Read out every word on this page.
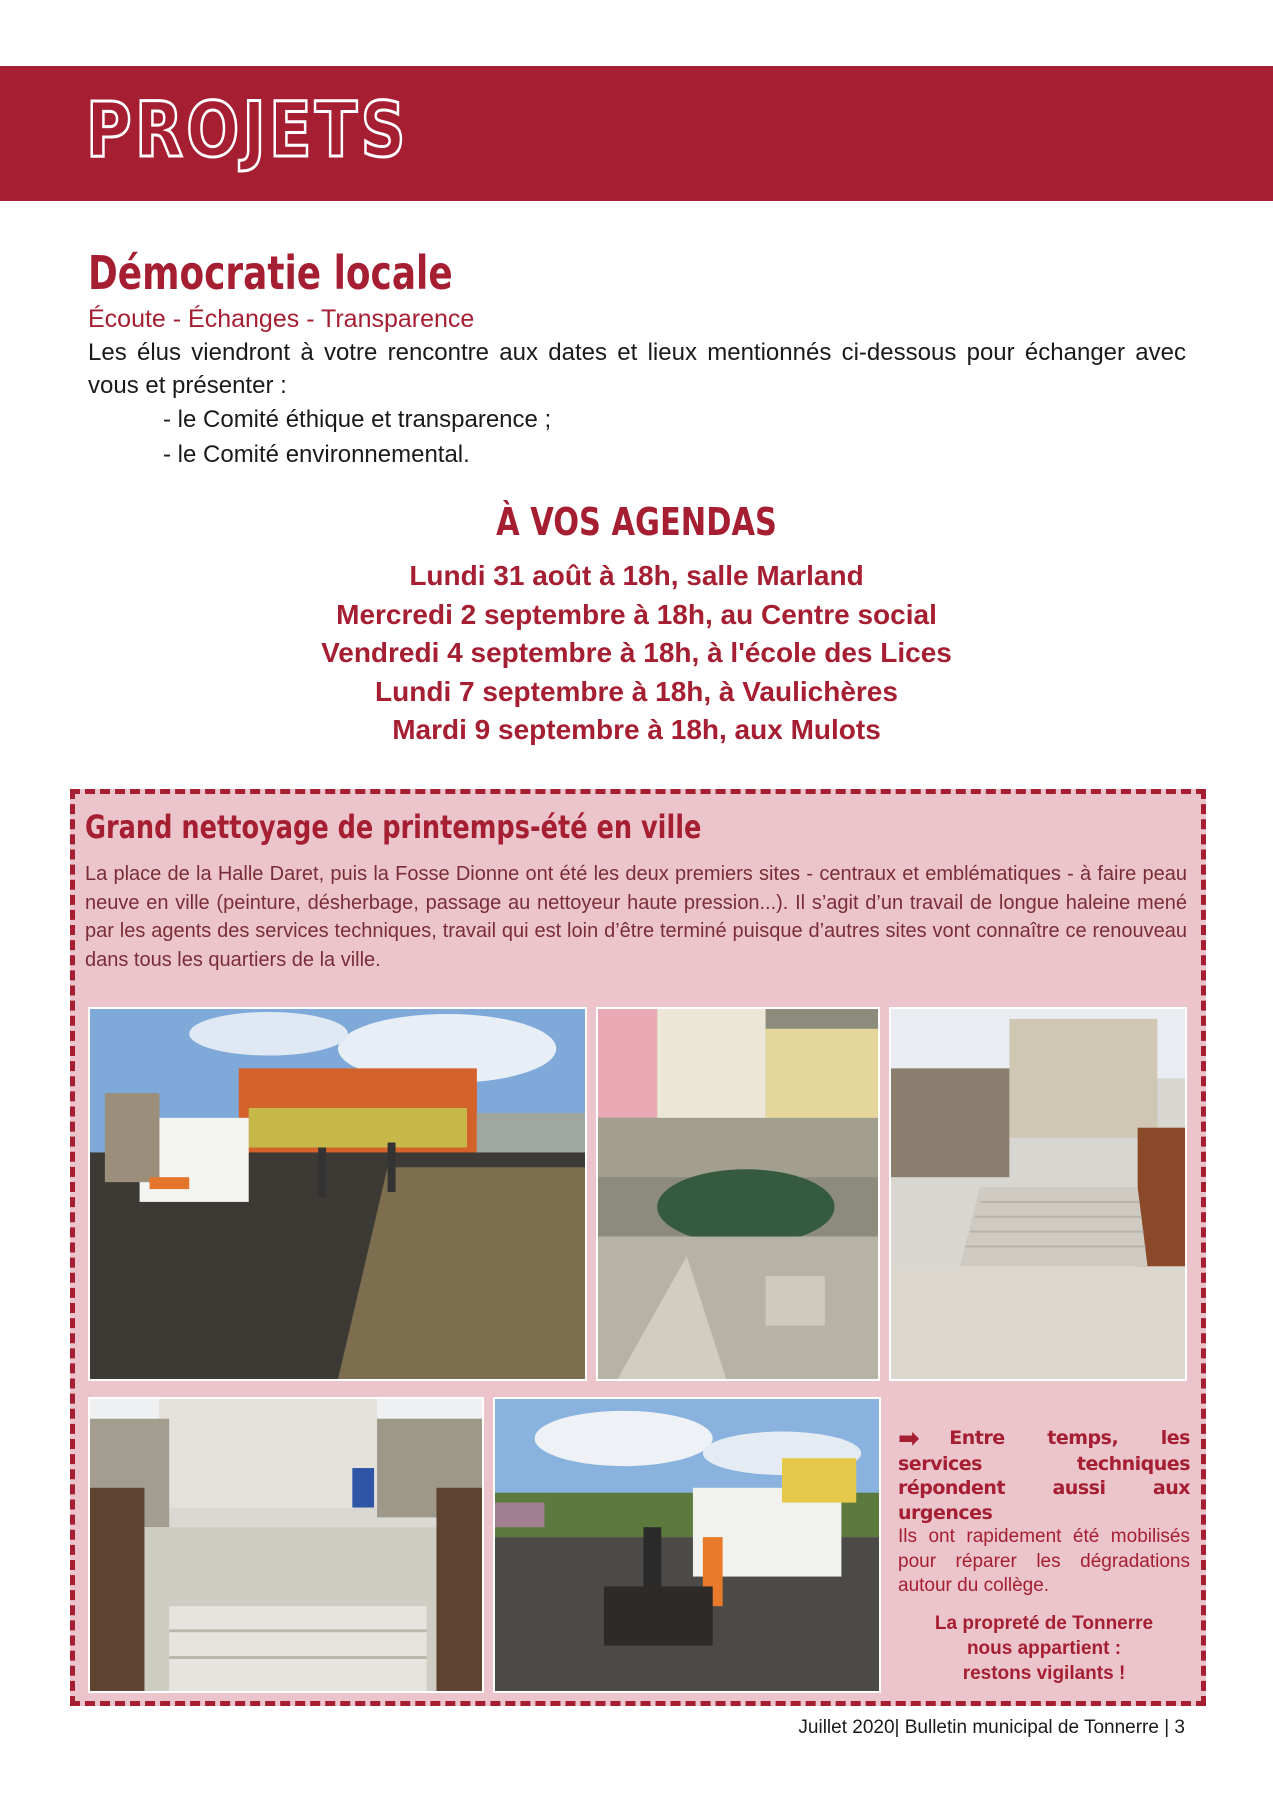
PROJETS
Démocratie locale
Écoute - Échanges - Transparence
Les élus viendront à votre rencontre aux dates et lieux mentionnés ci-dessous pour échanger avec vous et présenter :
- le Comité éthique et transparence ;
- le Comité environnemental.
À VOS AGENDAS
Lundi 31 août à 18h, salle Marland
Mercredi 2 septembre à 18h, au Centre social
Vendredi 4 septembre à 18h, à l'école des Lices
Lundi 7 septembre à 18h, à Vaulichères
Mardi 9 septembre à 18h, aux Mulots
Grand nettoyage de printemps-été en ville
La place de la Halle Daret, puis la Fosse Dionne ont été les deux premiers sites - centraux et emblématiques - à faire peau neuve en ville (peinture, désherbage, passage au nettoyeur haute pression...). Il s’agit d’un travail de longue haleine mené par les agents des services techniques, travail qui est loin d’être terminé puisque d’autres sites vont connaître ce renouveau dans tous les quartiers de la ville.
➡ Entre temps, les services techniques répondent aussi aux urgences
Ils ont rapidement été mobilisés pour réparer les dégradations autour du collège.
La propreté de Tonnerre
nous appartient :
restons vigilants !
Juillet 2020| Bulletin municipal de Tonnerre | 3
